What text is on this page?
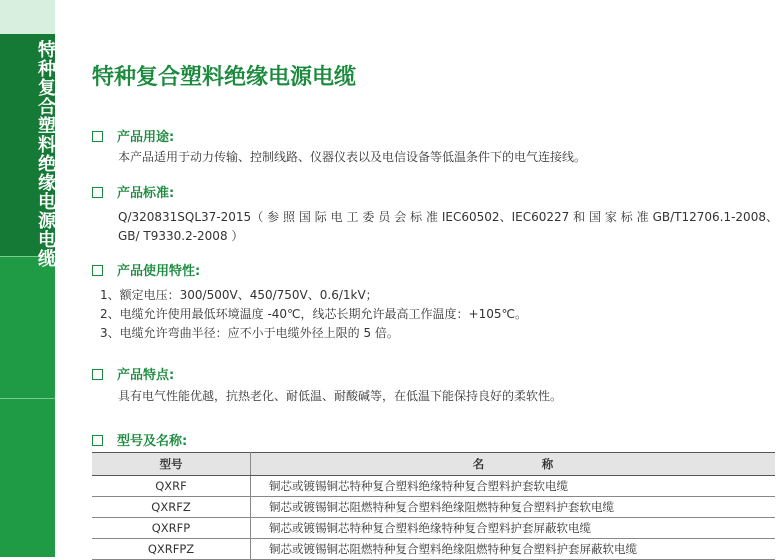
特种复合塑料绝缘电源电缆 特种复合塑料绝缘电源电缆
产品用途:
本产品适用于动力传输、控制线路、仪器仪表以及电信设备等低温条件下的电气连接线。
产品标准:
Q/320831SQL37-2015（ 参 照 国 际 电 工 委 员 会 标 准 IEC60502、IEC60227 和 国 家 标 准 GB/T12706.1-2008、GB/ T9330.2-2008 ）
产品使用特性:
1、额定电压：300/500V、450/750V、0.6/1kV；
2、电缆允许使用最低环境温度 -40℃，线芯长期允许最高工作温度：+105℃。
3、电缆允许弯曲半径：应不小于电缆外径上限的 5 倍。
产品特点:
具有电气性能优越，抗热老化、耐低温、耐酸碱等，在低温下能保持良好的柔软性。
型号及名称:
型号	名　　　　　称
QXRF	铜芯或镀锡铜芯特种复合塑料绝缘特种复合塑料护套软电缆
QXRFZ	铜芯或镀锡铜芯阻燃特种复合塑料绝缘阻燃特种复合塑料护套软电缆
QXRFP	铜芯或镀锡铜芯特种复合塑料绝缘特种复合塑料护套屏蔽软电缆
QXRFPZ	铜芯或镀锡铜芯阻燃特种复合塑料绝缘阻燃特种复合塑料护套屏蔽软电缆
